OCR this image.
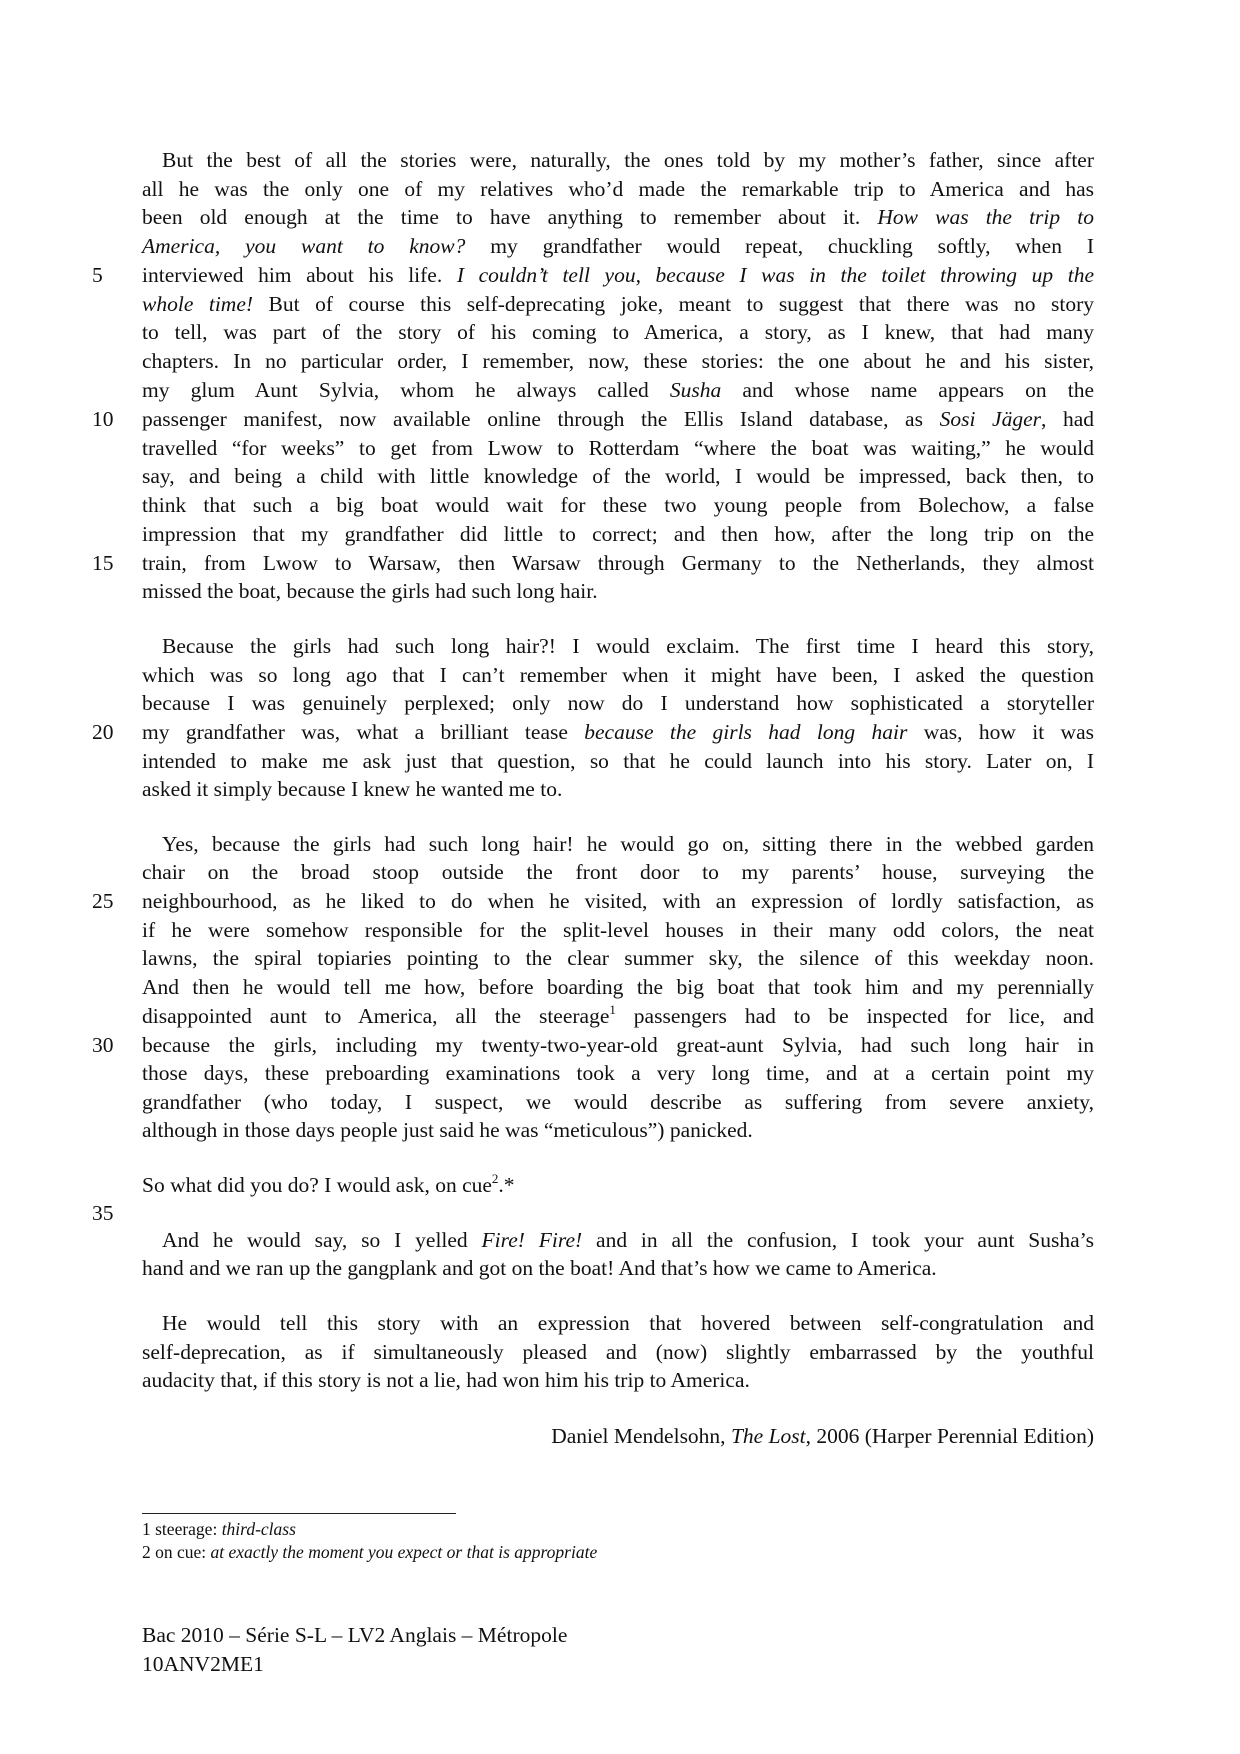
5
10
15
20
25
30
35
But the best of all the stories were, naturally, the ones told by my mother’s father, since after
all he was the only one of my relatives who’d made the remarkable trip to America and has
been old enough at the time to have anything to remember about it. How was the trip to
America, you want to know? my grandfather would repeat, chuckling softly, when I
interviewed him about his life. I couldn’t tell you, because I was in the toilet throwing up the
whole time! But of course this self-deprecating joke, meant to suggest that there was no story
to tell, was part of the story of his coming to America, a story, as I knew, that had many
chapters. In no particular order, I remember, now, these stories: the one about he and his sister,
my glum Aunt Sylvia, whom he always called Susha and whose name appears on the
passenger manifest, now available online through the Ellis Island database, as Sosi Jäger, had
travelled “for weeks” to get from Lwow to Rotterdam “where the boat was waiting,” he would
say, and being a child with little knowledge of the world, I would be impressed, back then, to
think that such a big boat would wait for these two young people from Bolechow, a false
impression that my grandfather did little to correct; and then how, after the long trip on the
train, from Lwow to Warsaw, then Warsaw through Germany to the Netherlands, they almost
missed the boat, because the girls had such long hair.
Because the girls had such long hair?! I would exclaim. The first time I heard this story,
which was so long ago that I can’t remember when it might have been, I asked the question
because I was genuinely perplexed; only now do I understand how sophisticated a storyteller
my grandfather was, what a brilliant tease because the girls had long hair was, how it was
intended to make me ask just that question, so that he could launch into his story. Later on, I
asked it simply because I knew he wanted me to.
Yes, because the girls had such long hair! he would go on, sitting there in the webbed garden
chair on the broad stoop outside the front door to my parents’ house, surveying the
neighbourhood, as he liked to do when he visited, with an expression of lordly satisfaction, as
if he were somehow responsible for the split-level houses in their many odd colors, the neat
lawns, the spiral topiaries pointing to the clear summer sky, the silence of this weekday noon.
And then he would tell me how, before boarding the big boat that took him and my perennially
disappointed aunt to America, all the steerage$^1$ passengers had to be inspected for lice, and
because the girls, including my twenty-two-year-old great-aunt Sylvia, had such long hair in
those days, these preboarding examinations took a very long time, and at a certain point my
grandfather (who today, I suspect, we would describe as suffering from severe anxiety,
although in those days people just said he was “meticulous”) panicked.
So what did you do? I would ask, on cue$^2$.*
And he would say, so I yelled Fire! Fire! and in all the confusion, I took your aunt Susha’s
hand and we ran up the gangplank and got on the boat! And that’s how we came to America.
He would tell this story with an expression that hovered between self-congratulation and
self-deprecation, as if simultaneously pleased and (now) slightly embarrassed by the youthful
audacity that, if this story is not a lie, had won him his trip to America.
Daniel Mendelsohn, The Lost, 2006 (Harper Perennial Edition)
1 steerage: third-class
2 on cue: at exactly the moment you expect or that is appropriate
Bac 2010 – Série S-L – LV2 Anglais – Métropole
10ANV2ME1
